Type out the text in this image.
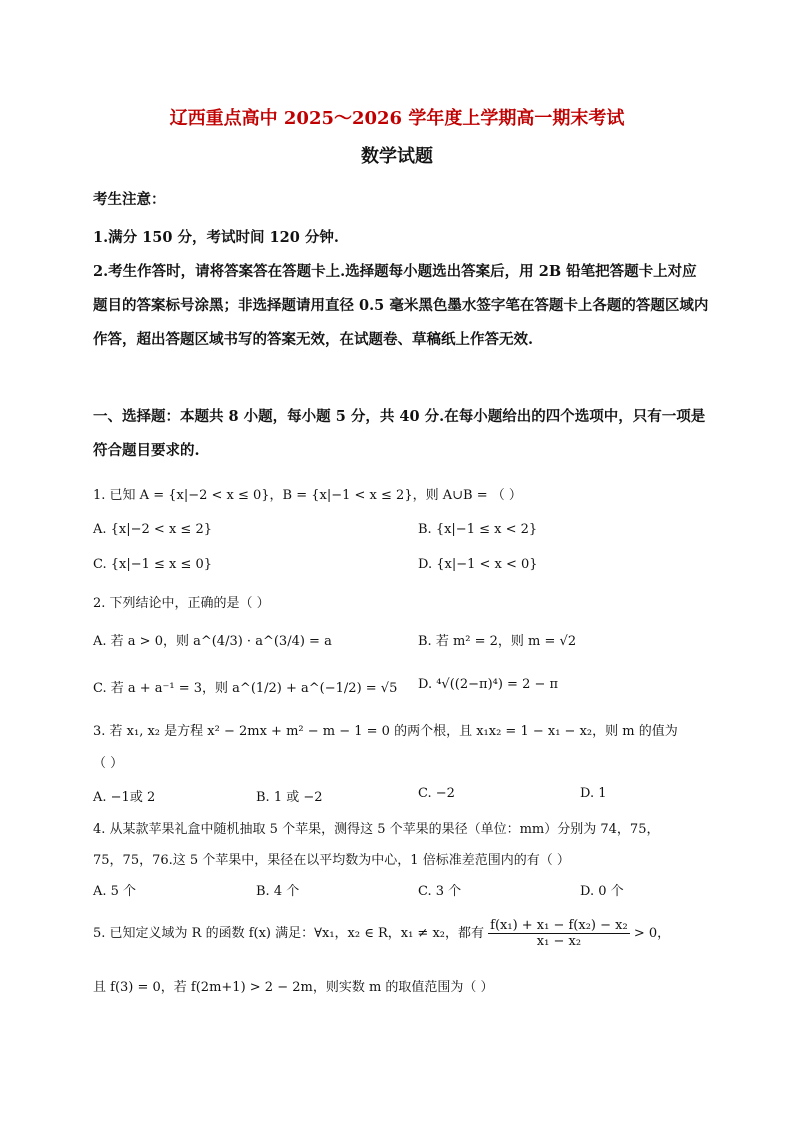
辽西重点高中 2025～2026 学年度上学期高一期末考试
数学试题
考生注意：
1.满分 150 分，考试时间 120 分钟.
2.考生作答时，请将答案答在答题卡上.选择题每小题选出答案后，用 2B 铅笔把答题卡上对应题目的答案标号涂黑；非选择题请用直径 0.5 毫米黑色墨水签字笔在答题卡上各题的答题区域内作答，超出答题区域书写的答案无效，在试题卷、草稿纸上作答无效.
一、选择题：本题共 8 小题，每小题 5 分，共 40 分.在每小题给出的四个选项中，只有一项是符合题目要求的.
1. 已知 A = {x|−2 < x ≤ 0}，B = {x|−1 < x ≤ 2}，则 A∪B = （ ）
A. {x|−2 < x ≤ 2}	B. {x|−1 ≤ x < 2}
C. {x|−1 ≤ x ≤ 0}	D. {x|−1 < x < 0}
2. 下列结论中，正确的是（ ）
A. 若 a > 0，则 a^(4/3) · a^(3/4) = a	B. 若 m² = 2，则 m = √2
C. 若 a + a⁻¹ = 3，则 a^(1/2) + a^(−1/2) = √5 D. ⁴√((2−π)⁴) = 2 − π
3. 若 x₁, x₂ 是方程 x² − 2mx + m² − m − 1 = 0 的两个根，且 x₁x₂ = 1 − x₁ − x₂，则 m 的值为
（ ）
A. −1或 2	B. 1 或 −2	C. −2	D. 1
4. 从某款苹果礼盒中随机抽取 5 个苹果，测得这 5 个苹果的果径（单位：mm）分别为 74，75，
75，75，76.这 5 个苹果中，果径在以平均数为中心，1 倍标准差范围内的有（ ）
A. 5 个	B. 4 个	C. 3 个	D. 0 个
5. 已知定义域为 R 的函数 f(x) 满足：∀x₁，x₂ ∈ R，x₁ ≠ x₂，都有 $\frac{\text{f(x₁) + x₁ − f(x₂) − x₂}}{\text{x₁ − x₂}} > 0$，
且 f(3) = 0，若 f(2m+1) > 2 − 2m，则实数 m 的取值范围为（ ）
